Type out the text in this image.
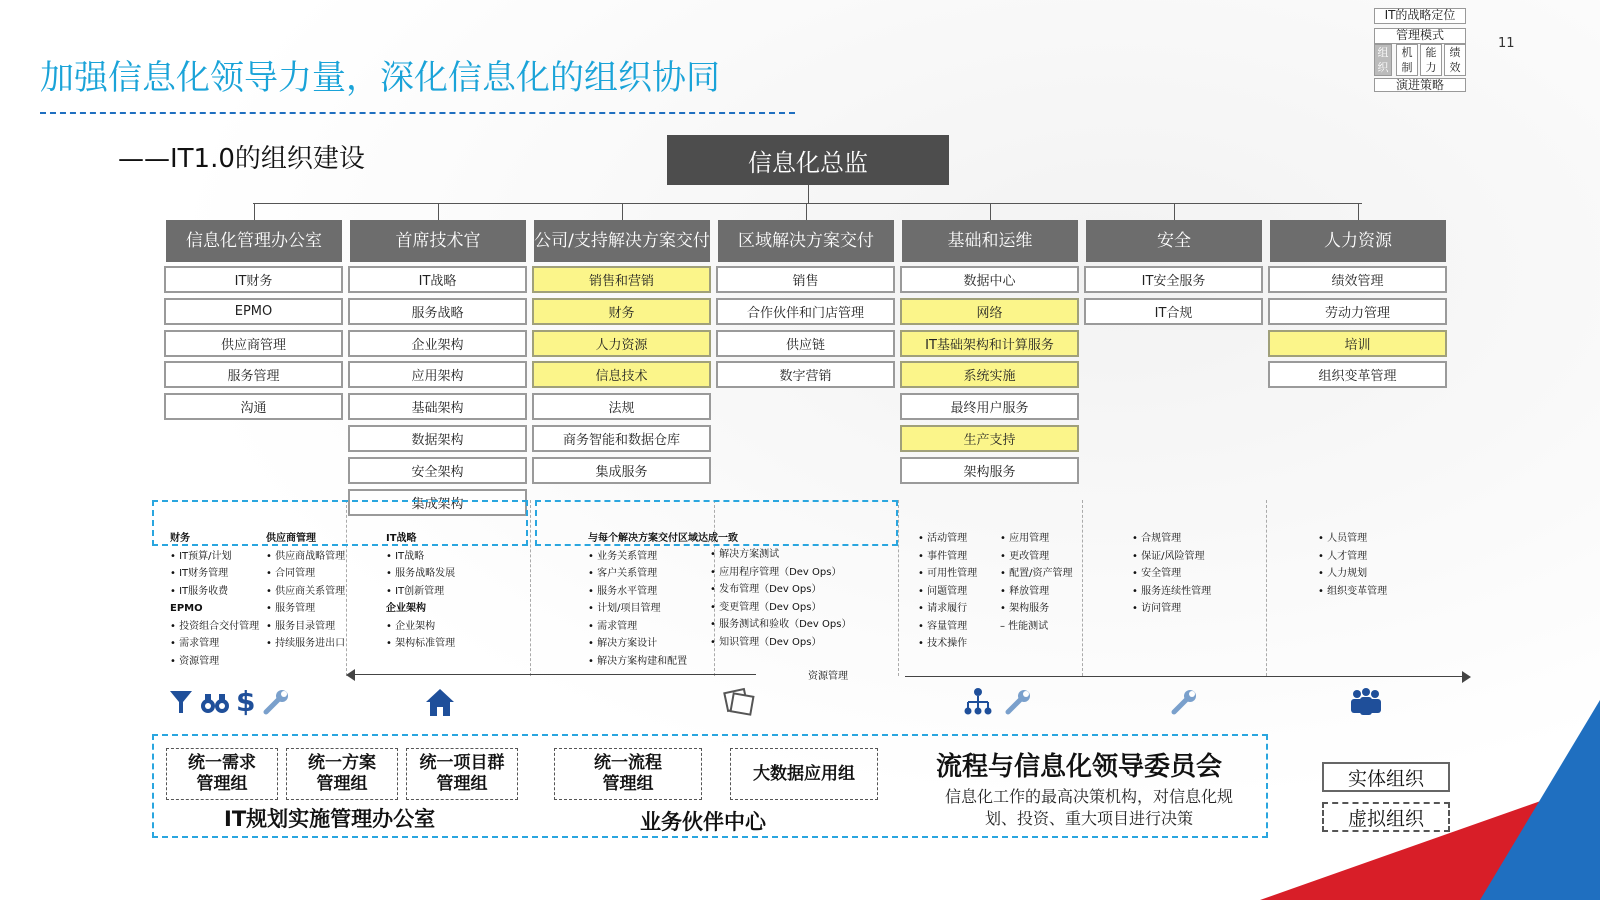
加强信息化领导力量，深化信息化的组织协同
——IT1.0的组织建设
11
IT的战略定位
管理模式
组织
机制
能力
绩效
演进策略
信息化总监
信息化管理办公室
IT财务
EPMO
供应商管理
服务管理
沟通
首席技术官
IT战略
服务战略
企业架构
应用架构
基础架构
数据架构
安全架构
集成架构
公司/支持解决方案交付
销售和营销
财务
人力资源
信息技术
法规
商务智能和数据仓库
集成服务
区域解决方案交付
销售
合作伙伴和门店管理
供应链
数字营销
基础和运维
数据中心
网络
IT基础架构和计算服务
系统实施
最终用户服务
生产支持
架构服务
安全
IT安全服务
IT合规
人力资源
绩效管理
劳动力管理
培训
组织变革管理
财务
• IT预算/计划
• IT财务管理
• IT服务收费
EPMO
• 投资组合交付管理
• 需求管理
• 资源管理
供应商管理
• 供应商战略管理
• 合同管理
• 供应商关系管理
• 服务管理
• 服务目录管理
• 持续服务进出口
IT战略
• IT战略
• 服务战略发展
• IT创新管理
企业架构
• 企业架构
• 架构标准管理
与每个解决方案交付区域达成一致
• 业务关系管理
• 客户关系管理
• 服务水平管理
• 计划/项目管理
• 需求管理
• 解决方案设计
• 解决方案构建和配置
• 解决方案测试
• 应用程序管理（Dev Ops）
• 发布管理（Dev Ops）
• 变更管理（Dev Ops）
• 服务测试和验收（Dev Ops）
• 知识管理（Dev Ops）
资源管理
• 活动管理
• 事件管理
• 可用性管理
• 问题管理
• 请求履行
• 容量管理
• 技术操作
• 应用管理
• 更改管理
• 配置/资产管理
• 释放管理
• 架构服务
– 性能测试
• 合规管理
• 保证/风险管理
• 安全管理
• 服务连续性管理
• 访问管理
• 人员管理
• 人才管理
• 人力规划
• 组织变革管理
$
统一需求
管理组
统一方案
管理组
统一项目群
管理组
统一流程
管理组
大数据应用组
IT规划实施管理办公室	业务伙伴中心
流程与信息化领导委员会
信息化工作的最高决策机构，对信息化规
划、投资、重大项目进行决策
实体组织
虚拟组织
